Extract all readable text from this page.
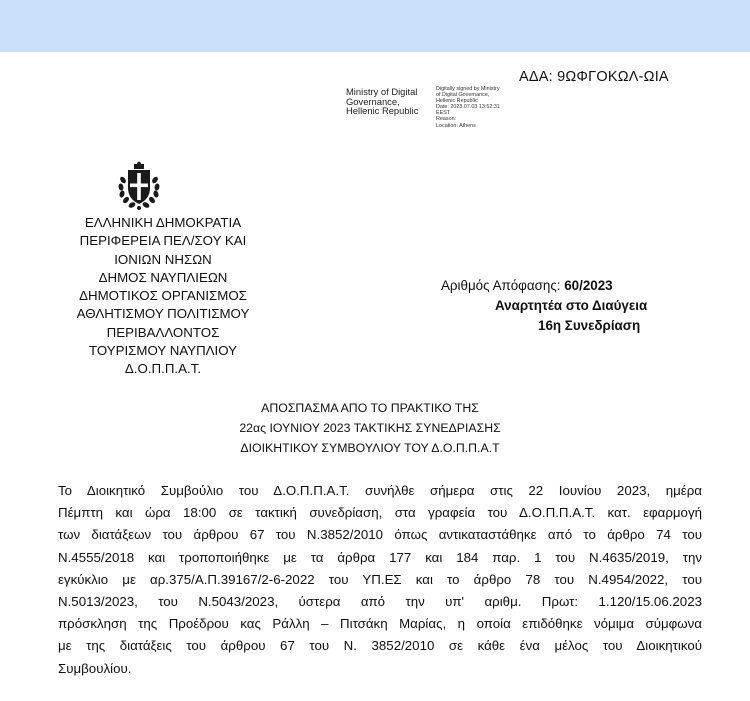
ΑΔΑ: 9ΩΦΓΟΚΩΛ-ΩΙΑ
Ministry of Digital
Governance,
Hellenic Republic
Digitally signed by Ministry
of Digital Governance,
Hellenic Republic
Date: 2023.07.03 13:52:31
EEST
Reason:
Location: Athens
ΕΛΛΗΝΙΚΗ ΔΗΜΟΚΡΑΤΙΑ
ΠΕΡΙΦΕΡΕΙΑ ΠΕΛ/ΣΟΥ ΚΑΙ
ΙΟΝΙΩΝ ΝΗΣΩΝ
ΔΗΜΟΣ ΝΑΥΠΛΙΕΩΝ
ΔΗΜΟΤΙΚΟΣ ΟΡΓΑΝΙΣΜΟΣ
ΑΘΛΗΤΙΣΜΟΥ ΠΟΛΙΤΙΣΜΟΥ
ΠΕΡΙΒΑΛΛΟΝΤΟΣ
ΤΟΥΡΙΣΜΟΥ ΝΑΥΠΛΙΟΥ
Δ.Ο.Π.Π.Α.Τ.
Αριθμός Απόφασης: 60/2023
Αναρτητέα στο Διαύγεια
16η Συνεδρίαση
ΑΠΟΣΠΑΣΜΑ ΑΠΟ ΤΟ ΠΡΑΚΤΙΚΟ ΤΗΣ
22ας ΙΟΥΝΙΟΥ 2023 ΤΑΚΤΙΚΗΣ ΣΥΝΕΔΡΙΑΣΗΣ
ΔΙΟΙΚΗΤΙΚΟΥ ΣΥΜΒΟΥΛΙΟΥ ΤΟΥ Δ.Ο.Π.Π.Α.Τ
Το Διοικητικό Συμβούλιο του Δ.Ο.Π.Π.Α.Τ. συνήλθε σήμερα στις 22 Ιουνίου 2023, ημέρα
Πέμπτη και ώρα 18:00 σε τακτική συνεδρίαση, στα γραφεία του Δ.Ο.Π.Π.Α.Τ. κατ. εφαρμογή
των διατάξεων του άρθρου 67 του Ν.3852/2010 όπως αντικαταστάθηκε από το άρθρο 74 του
Ν.4555/2018 και τροποποιήθηκε με τα άρθρα 177 και 184 παρ. 1 του Ν.4635/2019, την
εγκύκλιο με αρ.375/Α.Π.39167/2-6-2022 του ΥΠ.ΕΣ και το άρθρο 78 του Ν.4954/2022, του
Ν.5013/2023, του Ν.5043/2023, ύστερα από την υπ' αριθμ. Πρωτ: 1.120/15.06.2023
πρόσκληση της Προέδρου κας Ράλλη – Πιτσάκη Μαρίας, η οποία επιδόθηκε νόμιμα σύμφωνα
με της διατάξεις του άρθρου 67 του Ν. 3852/2010 σε κάθε ένα μέλος του Διοικητικού
Συμβουλίου.
